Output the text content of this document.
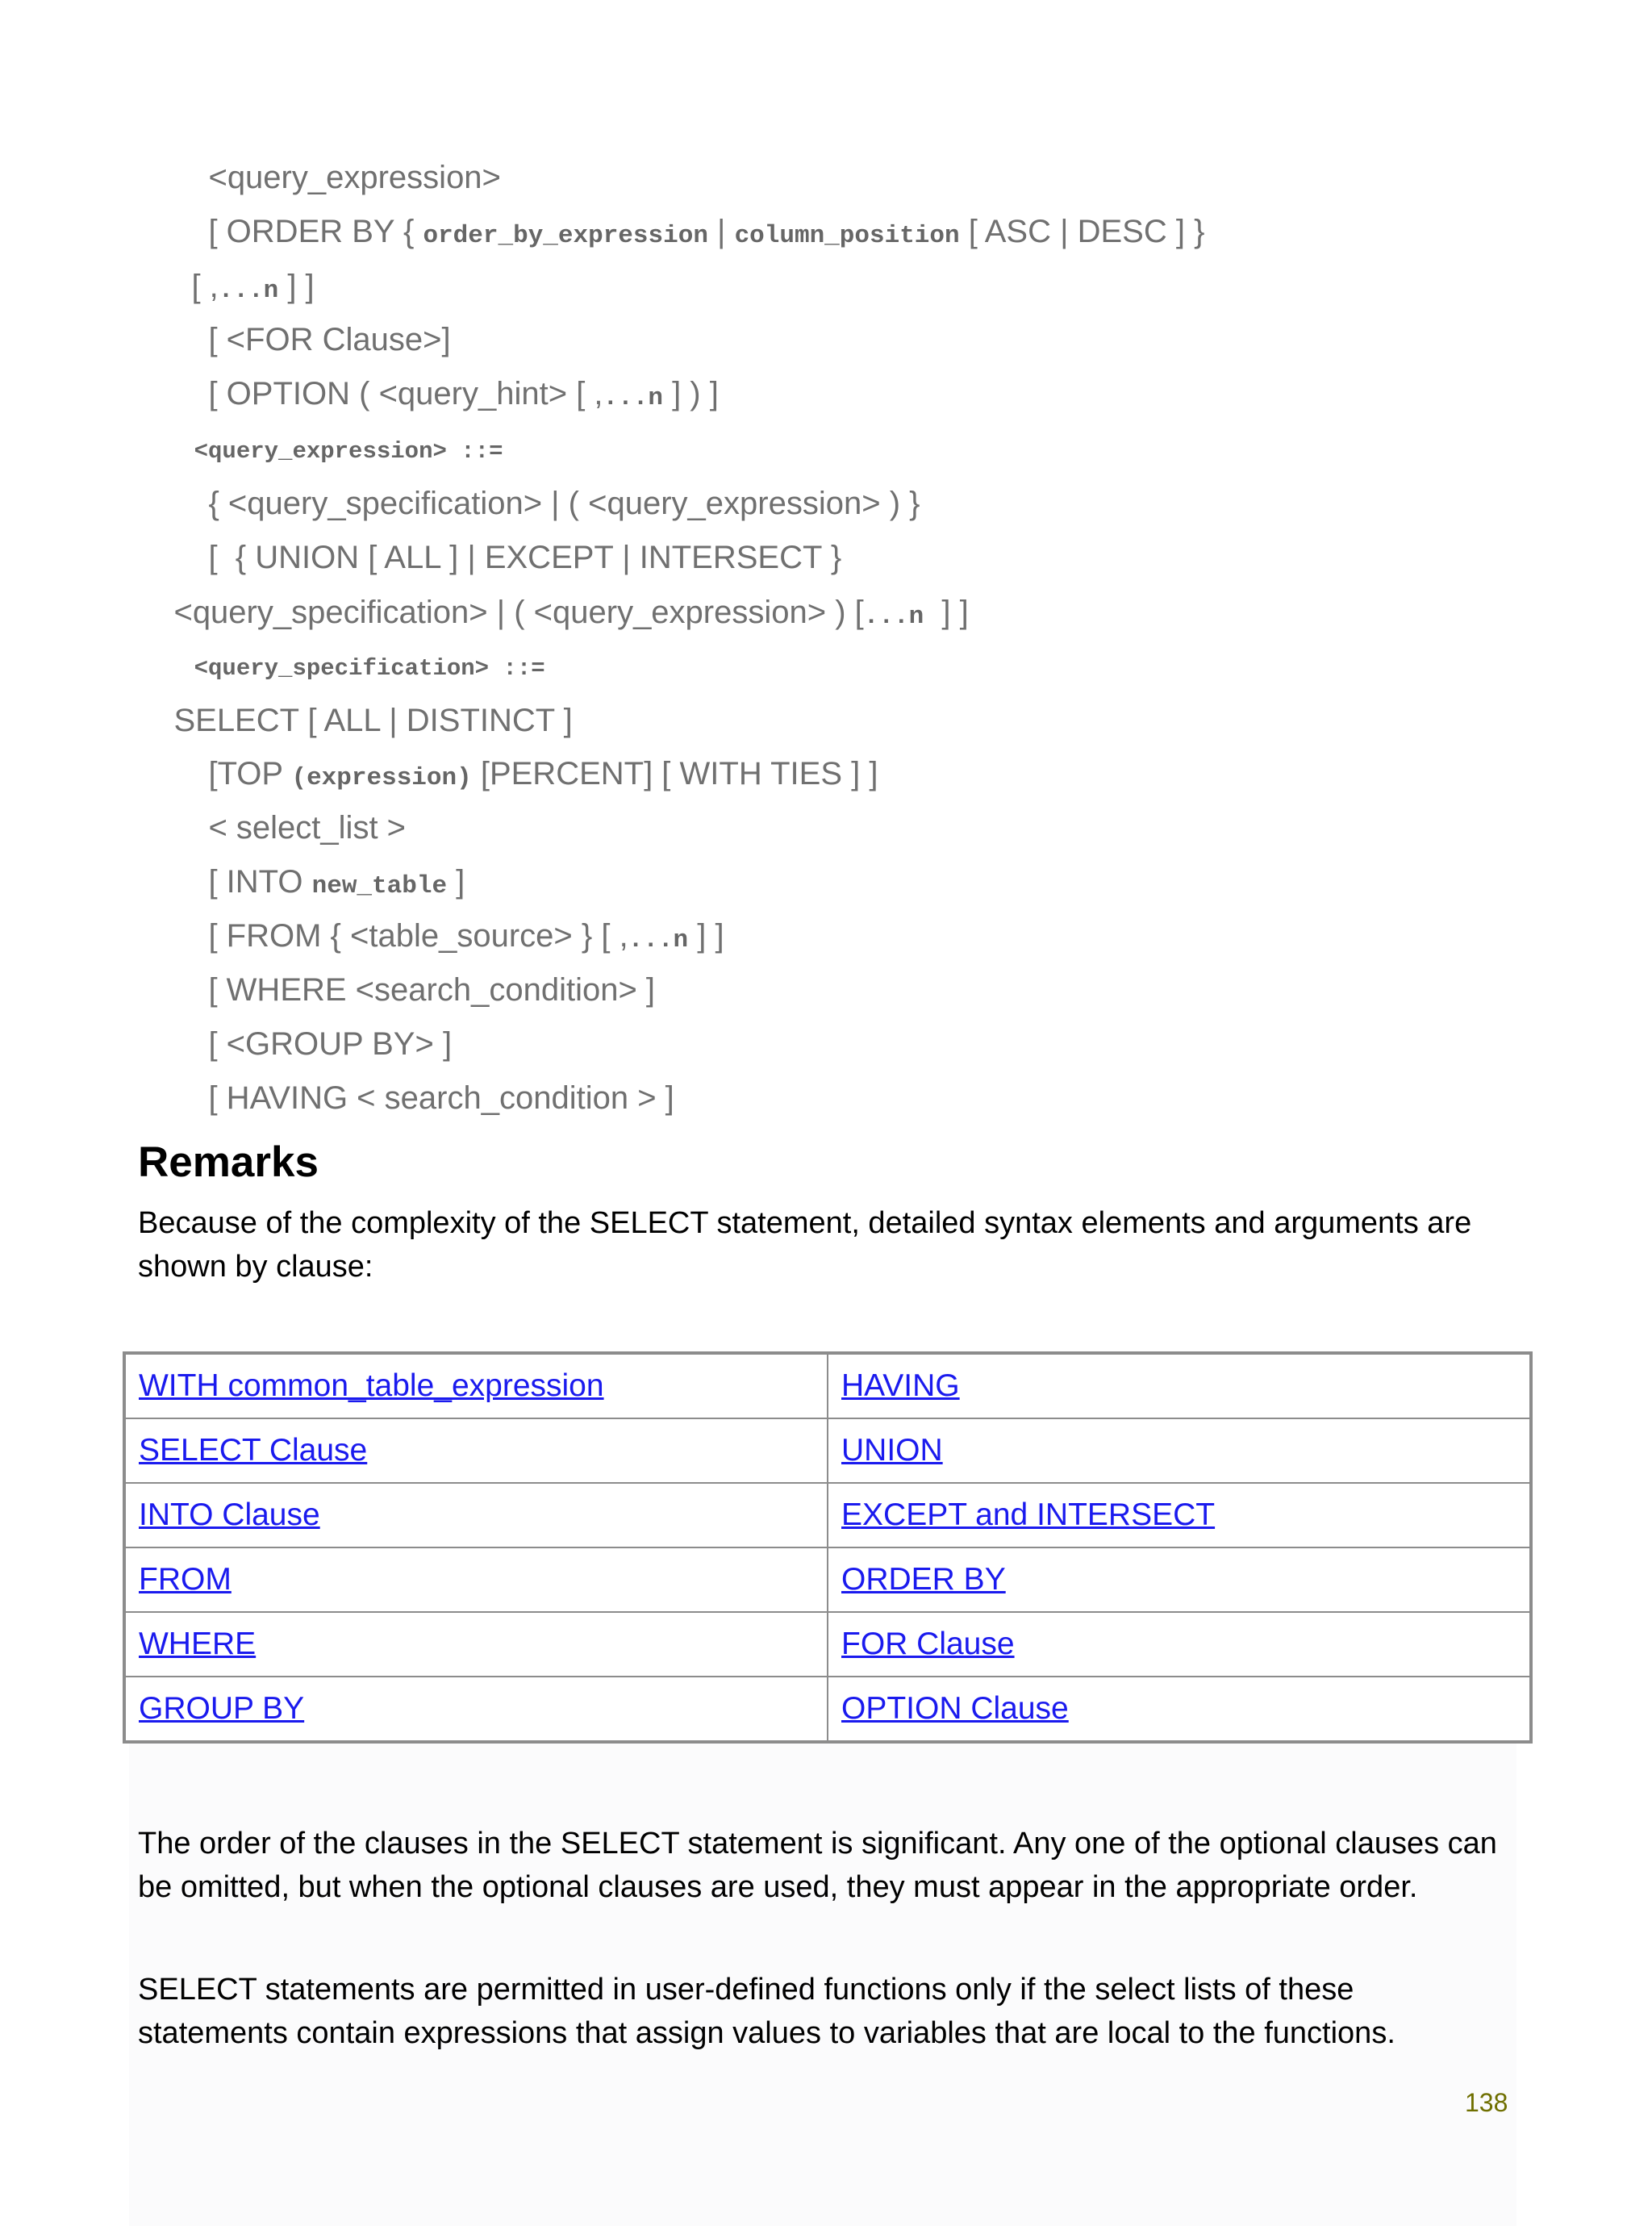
<query_expression>

[ ORDER BY { order_by_expression | column_position [ ASC | DESC ] }

[ ,...n ] ]

[ <FOR Clause>]

[ OPTION ( <query_hint> [ ,...n ] ) ]

<query_expression> ::=

{ <query_specification> | ( <query_expression> ) }

[  { UNION [ ALL ] | EXCEPT | INTERSECT }

<query_specification> | ( <query_expression> ) [...n  ] ]

<query_specification> ::=

SELECT [ ALL | DISTINCT ]

[TOP (expression) [PERCENT] [ WITH TIES ] ]

< select_list >

[ INTO new_table ]

[ FROM { <table_source> } [ ,...n ] ]

[ WHERE <search_condition> ]

[ <GROUP BY> ]

[ HAVING < search_condition > ]

Remarks

Because of the complexity of the SELECT statement, detailed syntax elements and arguments are shown by clause:

WITH common_table_expression	HAVING
SELECT Clause	UNION
INTO Clause	EXCEPT and INTERSECT
FROM	ORDER BY
WHERE	FOR Clause
GROUP BY	OPTION Clause

The order of the clauses in the SELECT statement is significant. Any one of the optional clauses can be omitted, but when the optional clauses are used, they must appear in the appropriate order.

SELECT statements are permitted in user-defined functions only if the select lists of these statements contain expressions that assign values to variables that are local to the functions.

138
